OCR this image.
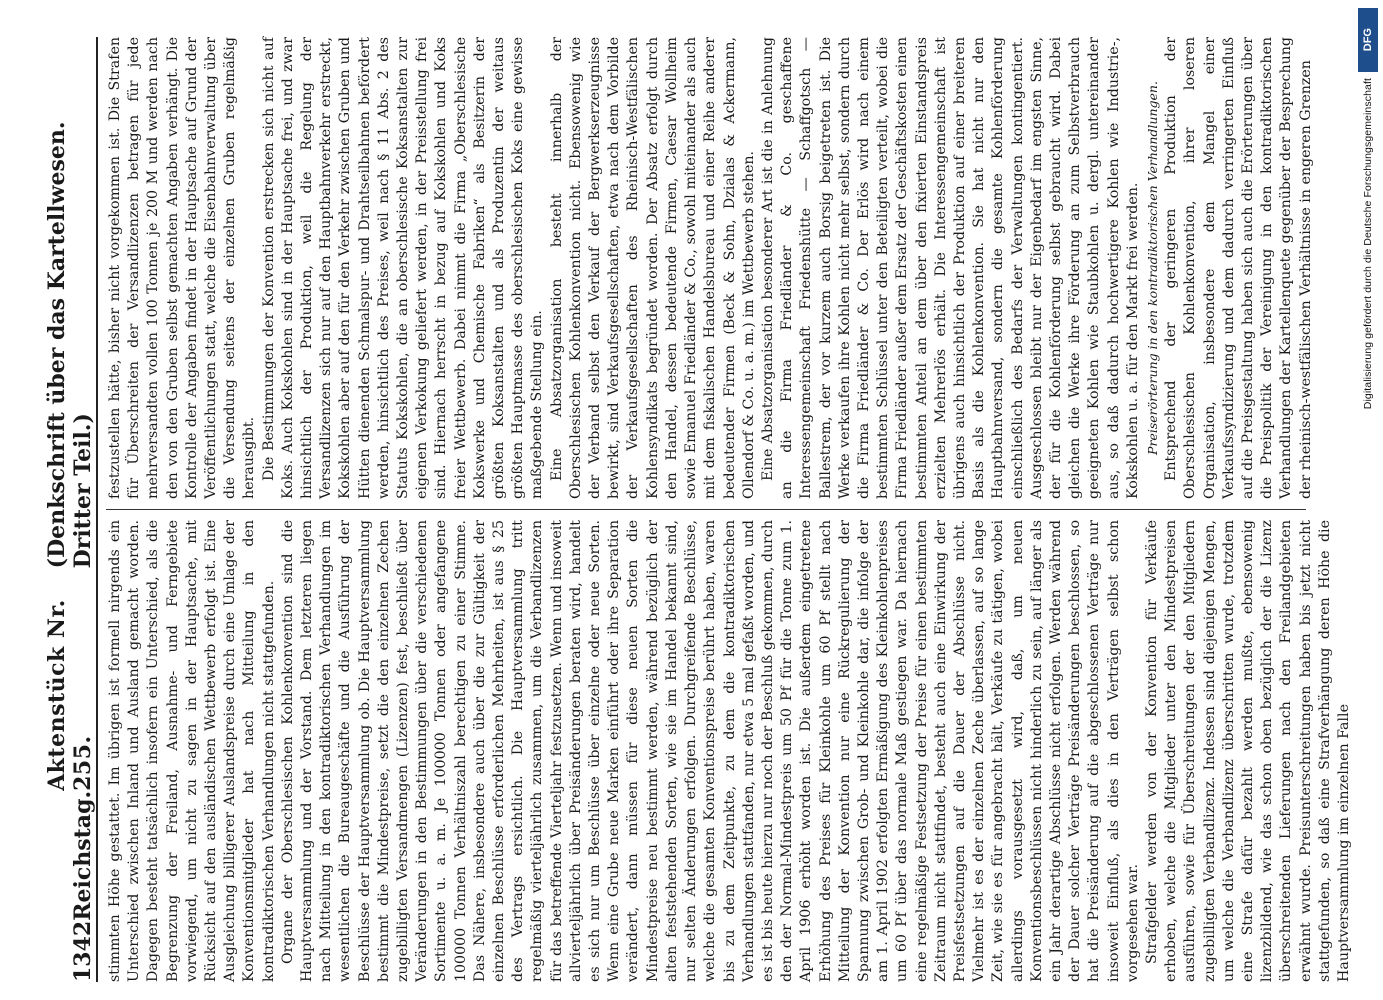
1342
Reichstag.
Aktenstück Nr. 255.
(Denkschrift über das Kartellwesen. Dritter Teil.)

stimmten Höhe gestattet. Im übrigen ist formell nirgends ein Unterschied zwischen Inland und Ausland gemacht worden. Dagegen besteht tatsächlich insofern ein Unterschied, als die Begrenzung der Freiland, Ausnahme- und Ferngebiete vorwiegend, um nicht zu sagen in der Hauptsache, mit Rücksicht auf den ausländischen Wettbewerb erfolgt ist. Eine Ausgleichung billigerer Auslandspreise durch eine Umlage der Konventionsmitglieder hat nach Mitteilung in den kontradiktorischen Verhandlungen nicht stattgefunden. Organe der Oberschlesischen Kohlenkonvention sind die Hauptversammlung und der Vorstand. Dem letzteren liegen nach Mitteilung in den kontradiktorischen Verhandlungen im wesentlichen die Bureaugeschäfte und die Ausführung der Beschlüsse der Hauptversammlung ob. Die Hauptversammlung bestimmt die Mindestpreise, setzt die den einzelnen Zechen zugebilligten Versandmengen (Lizenzen) fest, beschließt über Veränderungen in den Bestimmungen über die verschiedenen Sortimente u. a. m. Je 100000 Tonnen oder angefangene 100000 Tonnen Verhältniszahl berechtigen zu einer Stimme. Das Nähere, insbesondere auch über die zur Gültigkeit der einzelnen Beschlüsse erforderlichen Mehrheiten, ist aus § 25 des Vertrags ersichtlich. Die Hauptversammlung tritt regelmäßig vierteljährlich zusammen, um die Verbandlizenzen für das betreffende Vierteljahr festzusetzen. Wenn und insoweit allvierteljährlich über Preisänderungen beraten wird, handelt es sich nur um Beschlüsse über einzelne oder neue Sorten. Wenn eine Grube neue Marken einführt oder ihre Separation verändert, dann müssen für diese neuen Sorten die Mindestpreise neu bestimmt werden, während bezüglich der alten feststehenden Sorten, wie sie im Handel bekannt sind, nur selten Änderungen erfolgen. Durchgreifende Beschlüsse, welche die gesamten Konventionspreise berührt haben, waren bis zu dem Zeitpunkte, zu dem die kontradiktorischen Verhandlungen stattfanden, nur etwa 5 mal gefaßt worden, und es ist bis heute hierzu nur noch der Beschluß gekommen, durch den der Normal-Mindestpreis um 50 Pf für die Tonne zum 1. April 1906 erhöht worden ist. Die außerdem eingetretene Erhöhung des Preises für Kleinkohle um 60 Pf stellt nach Mitteilung der Konvention nur eine Rückregulierung der Spannung zwischen Grob- und Kleinkohle dar, die infolge der am 1. April 1902 erfolgten Ermäßigung des Kleinkohlenpreises um 60 Pf über das normale Maß gestiegen war. Da hiernach eine regelmäßige Festsetzung der Preise für einen bestimmten Zeitraum nicht stattfindet, besteht auch eine Einwirkung der Preisfestsetzungen auf die Dauer der Abschlüsse nicht. Vielmehr ist es der einzelnen Zeche überlassen, auf so lange Zeit, wie sie es für angebracht hält, Verkäufe zu tätigen, wobei allerdings vorausgesetzt wird, daß, um neuen Konventionsbeschlüssen nicht hinderlich zu sein, auf länger als ein Jahr derartige Abschlüsse nicht erfolgen. Werden während der Dauer solcher Verträge Preisänderungen beschlossen, so hat die Preisänderung auf die abgeschlossenen Verträge nur insoweit Einfluß, als dies in den Verträgen selbst schon vorgesehen war. Strafgelder werden von der Konvention für Verkäufe erhoben, welche die Mitglieder unter den Mindestpreisen ausführen, sowie für Überschreitungen der den Mitgliedern zugebilligten Verbandlizenz. Indessen sind diejenigen Mengen, um welche die Verbandlizenz überschritten wurde, trotzdem eine Strafe dafür bezahlt werden mußte, ebensowenig lizenzbildend, wie das schon oben bezüglich der die Lizenz überschreitenden Lieferungen nach den Freilandgebieten erwähnt wurde. Preisunterschreitungen haben bis jetzt nicht stattgefunden, so daß eine Strafverhängung deren Höhe die Hauptversammlung im einzelnen Falle

festzustellen hätte, bisher nicht vorgekommen ist. Die Strafen für Überschreiten der Versandlizenzen betragen für jede mehrversandten vollen 100 Tonnen je 200 M und werden nach den von den Gruben selbst gemachten Angaben verhängt. Die Kontrolle der Angaben findet in der Hauptsache auf Grund der Veröffentlichungen statt, welche die Eisenbahnverwaltung über die Versendung seitens der einzelnen Gruben regelmäßig herausgibt. Die Bestimmungen der Konvention erstrecken sich nicht auf Koks. Auch Kokskohlen sind in der Hauptsache frei, und zwar hinsichtlich der Produktion, weil die Regelung der Versandlizenzen sich nur auf den Hauptbahnverkehr erstreckt, Kokskohlen aber auf den für den Verkehr zwischen Gruben und Hütten dienenden Schmalspur- und Drahtseilbahnen befördert werden, hinsichtlich des Preises, weil nach § 11 Abs. 2 des Statuts Kokskohlen, die an oberschlesische Koksanstalten zur eigenen Verkokung geliefert werden, in der Preisstellung frei sind. Hiernach herrscht in bezug auf Kokskohlen und Koks freier Wettbewerb. Dabei nimmt die Firma „Oberschlesische Kokswerke und Chemische Fabriken“ als Besitzerin der größten Koksanstalten und als Produzentin der weitaus größten Hauptmasse des oberschlesischen Koks eine gewisse maßgebende Stellung ein. Eine Absatzorganisation besteht innerhalb der Oberschlesischen Kohlenkonvention nicht. Ebensowenig wie der Verband selbst den Verkauf der Bergwerkserzeugnisse bewirkt, sind Verkaufsgesellschaften, etwa nach dem Vorbilde der Verkaufsgesellschaften des Rheinisch-Westfälischen Kohlensyndikats begründet worden. Der Absatz erfolgt durch den Handel, dessen bedeutende Firmen, Caesar Wollheim sowie Emanuel Friedländer & Co., sowohl miteinander als auch mit dem fiskalischen Handelsbureau und einer Reihe anderer bedeutender Firmen (Beck & Sohn, Dzialas & Ackermann, Ollendorf & Co. u. a. m.) im Wettbewerb stehen. Eine Absatzorganisation besonderer Art ist die in Anlehnung an die Firma Friedländer & Co. geschaffene Interessengemeinschaft Friedenshütte — Schaffgotsch — Ballestrem, der vor kurzem auch Borsig beigetreten ist. Die Werke verkaufen ihre Kohlen nicht mehr selbst, sondern durch die Firma Friedländer & Co. Der Erlös wird nach einem bestimmten Schlüssel unter den Beteiligten verteilt, wobei die Firma Friedländer außer dem Ersatz der Geschäftskosten einen bestimmten Anteil an dem über den fixierten Einstandspreis erzielten Mehrerlös erhält. Die Interessengemeinschaft ist übrigens auch hinsichtlich der Produktion auf einer breiteren Basis als die Kohlenkonvention. Sie hat nicht nur den Hauptbahnversand, sondern die gesamte Kohlenförderung einschließlich des Bedarfs der Verwaltungen kontingentiert. Ausgeschlossen bleibt nur der Eigenbedarf im engsten Sinne, der für die Kohlenförderung selbst gebraucht wird. Dabei gleichen die Werke ihre Förderung an zum Selbstverbrauch geeigneten Kohlen wie Staubkohlen u. dergl. untereinander aus, so daß dadurch hochwertigere Kohlen wie Industrie-, Kokskohlen u. a. für den Markt frei werden. Preiserörterung in den kontradiktorischen Verhandlungen. Entsprechend der geringeren Produktion der Oberschlesischen Kohlenkonvention, ihrer loseren Organisation, insbesondere dem Mangel einer Verkaufssyndizierung und dem dadurch verringerten Einfluß auf die Preisgestaltung haben sich auch die Erörterungen über die Preispolitik der Vereinigung in den kontradiktorischen Verhandlungen der Kartellenquete gegenüber der Besprechung der rheinisch-westfälischen Verhältnisse in engeren Grenzen

DFG
Digitalisierung gefördert durch die Deutsche Forschungsgemeinschaft
